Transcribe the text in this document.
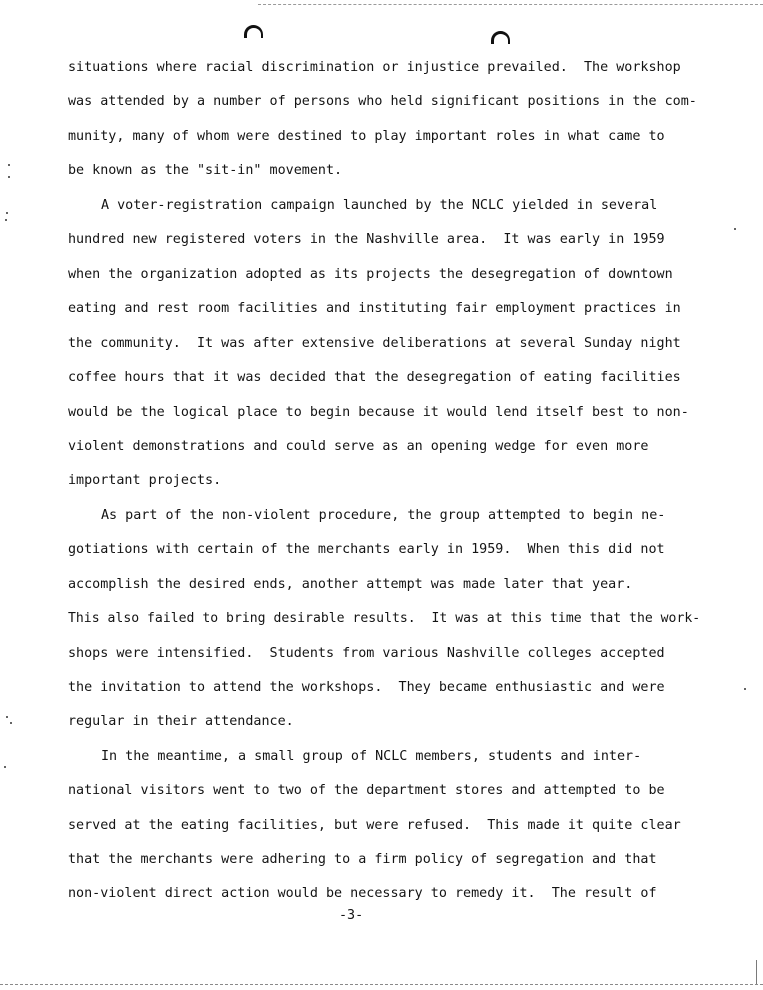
situations where racial discrimination or injustice prevailed.  The workshop
was attended by a number of persons who held significant positions in the com-
munity, many of whom were destined to play important roles in what came to
be known as the "sit-in" movement.
A voter-registration campaign launched by the NCLC yielded in several
hundred new registered voters in the Nashville area.  It was early in 1959
when the organization adopted as its projects the desegregation of downtown
eating and rest room facilities and instituting fair employment practices in
the community.  It was after extensive deliberations at several Sunday night
coffee hours that it was decided that the desegregation of eating facilities
would be the logical place to begin because it would lend itself best to non-
violent demonstrations and could serve as an opening wedge for even more
important projects.
As part of the non-violent procedure, the group attempted to begin ne-
gotiations with certain of the merchants early in 1959.  When this did not
accomplish the desired ends, another attempt was made later that year.
This also failed to bring desirable results.  It was at this time that the work-
shops were intensified.  Students from various Nashville colleges accepted
the invitation to attend the workshops.  They became enthusiastic and were
regular in their attendance.
In the meantime, a small group of NCLC members, students and inter-
national visitors went to two of the department stores and attempted to be
served at the eating facilities, but were refused.  This made it quite clear
that the merchants were adhering to a firm policy of segregation and that
non-violent direct action would be necessary to remedy it.  The result of
-3-
